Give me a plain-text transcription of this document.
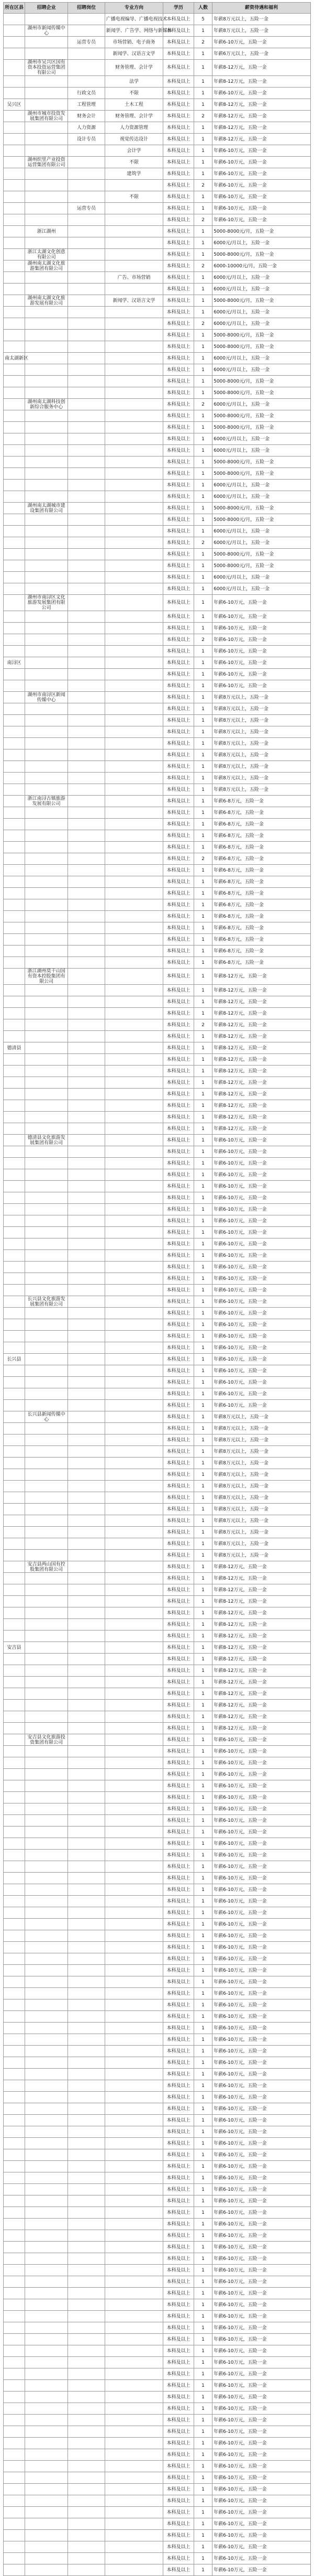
所在区县	招聘企业	招聘岗位	专业方向	学历	人数	薪资待遇和福利
			广播电视编导、广播电视技术	本科及以上	5	年薪8万元以上，五险一金
	湖州市新闻传媒中心		新闻学、广告学、网络与新媒体	本科及以上	1	年薪8万元以上，五险一金
		运营专员	市场营销、电子商务	本科及以上	2	年薪6-10万元，五险一金
			新闻学、汉语言文学	本科及以上	1	年薪6万元以上，五险一金
	湖州市吴兴区国有资本投资运营集团有限公司		财务管理、会计学	本科及以上	1	年薪8-12万元，五险一金
			法学	本科及以上	1	年薪8-12万元，五险一金
		行政文员	不限	本科及以上	1	年薪6-10万元，五险一金
吴兴区		工程管理	土木工程	本科及以上	1	年薪8-12万元，五险一金
	湖州市城市投资发展集团有限公司	财务会计	财务管理、会计学	本科及以上	2	年薪8-12万元，五险一金
		人力资源	人力资源管理	本科及以上	1	年薪8-12万元，五险一金
		设计专员	视觉传达设计	本科及以上	1	年薪8-12万元，五险一金
			会计学	本科及以上	1	年薪6-10万元，五险一金
	湖州织里产业投资运营集团有限公司		不限	本科及以上	1	年薪6-10万元，五险一金
			建筑学	本科及以上	1	年薪6-10万元，五险一金
				本科及以上	2	年薪6-10万元，五险一金
			不限	本科及以上	1	年薪6-10万元，五险一金
		运营专员		本科及以上	1	年薪6-10万元，五险一金
				本科及以上	2	年薪6-10万元，五险一金
	浙江湖州			本科及以上	1	5000-8000元/月，五险一金
				本科及以上	1	6000元/月以上，五险一金
	浙江太湖文化创意有限公司			本科及以上	1	5000-8000元/月，五险一金
	湖州南太湖文化旅游集团有限公司			本科及以上	2	6000-10000元/月，五险一金
			广告、市场营销	本科及以上	1	6000元/月以上，五险一金
				本科及以上	1	6000元/月以上，五险一金
	湖州南太湖文化旅游发展有限公司		新闻学、汉语言文学	本科及以上	1	5000-8000元/月，五险一金
				本科及以上	1	6000元/月以上，五险一金
				本科及以上	2	6000元/月以上，五险一金
				本科及以上	1	5000-8000元/月，五险一金
				本科及以上	1	5000-8000元/月，五险一金
南太湖新区				本科及以上	1	6000元/月以上，五险一金
				本科及以上	1	6000元/月以上，五险一金
				本科及以上	1	5000-8000元/月，五险一金
				本科及以上	1	5000-8000元/月，五险一金
	湖州南太湖科技创新综合服务中心			本科及以上	2	6000元/月以上，五险一金
				本科及以上	1	5000-8000元/月，五险一金
				本科及以上	1	5000-8000元/月，五险一金
				本科及以上	1	6000元/月以上，五险一金
				本科及以上	1	6000元/月以上，五险一金
				本科及以上	1	5000-8000元/月，五险一金
				本科及以上	1	5000-8000元/月，五险一金
				本科及以上	1	6000元/月以上，五险一金
				本科及以上	1	6000元/月以上，五险一金
	湖州南太湖城市建设集团有限公司			本科及以上	1	5000-8000元/月，五险一金
				本科及以上	1	5000-8000元/月，五险一金
				本科及以上	1	6000元/月以上，五险一金
				本科及以上	2	6000元/月以上，五险一金
				本科及以上	1	5000-8000元/月，五险一金
				本科及以上	1	5000-8000元/月，五险一金
				本科及以上	1	6000元/月以上，五险一金
				本科及以上	1	6000元/月以上，五险一金
	湖州市南浔区文化旅游发展集团有限公司			本科及以上	1	年薪6-10万元，五险一金
				本科及以上	1	年薪6-10万元，五险一金
				本科及以上	1	年薪6-10万元，五险一金
				本科及以上	2	年薪6-10万元，五险一金
				本科及以上	1	年薪6-10万元，五险一金
南浔区				本科及以上	1	年薪6-10万元，五险一金
				本科及以上	1	年薪6-10万元，五险一金
				本科及以上	1	年薪6-10万元，五险一金
	湖州市南浔区新闻传媒中心			本科及以上	1	年薪8万元以上，五险一金
				本科及以上	1	年薪8万元以上，五险一金
				本科及以上	1	年薪8万元以上，五险一金
				本科及以上	1	年薪8万元以上，五险一金
				本科及以上	1	年薪8万元以上，五险一金
				本科及以上	1	年薪8万元以上，五险一金
				本科及以上	1	年薪8万元以上，五险一金
				本科及以上	1	年薪8万元以上，五险一金
				本科及以上	1	年薪8万元以上，五险一金
	浙江南浔古镇旅游发展有限公司			本科及以上	1	年薪6-8万元，五险一金
				本科及以上	1	年薪6-8万元，五险一金
				本科及以上	1	年薪6-8万元，五险一金
				本科及以上	1	年薪6-8万元，五险一金
				本科及以上	1	年薪6-8万元，五险一金
				本科及以上	2	年薪6-8万元，五险一金
				本科及以上	1	年薪6-8万元，五险一金
				本科及以上	1	年薪6-8万元，五险一金
				本科及以上	1	年薪6-8万元，五险一金
				本科及以上	1	年薪6-8万元，五险一金
				本科及以上	1	年薪6-8万元，五险一金
				本科及以上	1	年薪6-8万元，五险一金
				本科及以上	1	年薪6-8万元，五险一金
				本科及以上	1	年薪6-8万元，五险一金
				本科及以上	1	年薪6-8万元，五险一金
	浙江湖州莫干山国有资本控股集团有限公司			本科及以上	1	年薪8-12万元，五险一金
				本科及以上	1	年薪8-12万元，五险一金
				本科及以上	1	年薪8-12万元，五险一金
				本科及以上	1	年薪8-12万元，五险一金
				本科及以上	2	年薪8-12万元，五险一金
				本科及以上	1	年薪8-12万元，五险一金
德清县				本科及以上	1	年薪8-12万元，五险一金
				本科及以上	1	年薪8-12万元，五险一金
				本科及以上	1	年薪8-12万元，五险一金
				本科及以上	1	年薪8-12万元，五险一金
				本科及以上	1	年薪8-12万元，五险一金
				本科及以上	1	年薪8-12万元，五险一金
				本科及以上	1	年薪8-12万元，五险一金
				本科及以上	1	年薪8-12万元，五险一金
	德清县文化旅游发展集团有限公司			本科及以上	1	年薪6-10万元，五险一金
				本科及以上	1	年薪6-10万元，五险一金
				本科及以上	1	年薪6-10万元，五险一金
				本科及以上	1	年薪6-10万元，五险一金
				本科及以上	1	年薪6-10万元，五险一金
				本科及以上	1	年薪6-10万元，五险一金
				本科及以上	1	年薪6-10万元，五险一金
				本科及以上	1	年薪6-10万元，五险一金
				本科及以上	1	年薪6-10万元，五险一金
				本科及以上	1	年薪6-10万元，五险一金
				本科及以上	1	年薪6-10万元，五险一金
				本科及以上	1	年薪6-10万元，五险一金
				本科及以上	1	年薪6-10万元，五险一金
				本科及以上	1	年薪6-10万元，五险一金
	长兴县文化旅游发展集团有限公司			本科及以上	1	年薪6-10万元，五险一金
				本科及以上	1	年薪6-10万元，五险一金
				本科及以上	1	年薪6-10万元，五险一金
				本科及以上	1	年薪6-10万元，五险一金
				本科及以上	1	年薪6-10万元，五险一金
长兴县				本科及以上	1	年薪6-10万元，五险一金
				本科及以上	1	年薪6-10万元，五险一金
				本科及以上	1	年薪6-10万元，五险一金
				本科及以上	1	年薪6-10万元，五险一金
				本科及以上	1	年薪6-10万元，五险一金
	长兴县新闻传媒中心			本科及以上	1	年薪8万元以上，五险一金
				本科及以上	1	年薪8万元以上，五险一金
				本科及以上	1	年薪8万元以上，五险一金
				本科及以上	1	年薪8万元以上，五险一金
				本科及以上	1	年薪8万元以上，五险一金
				本科及以上	1	年薪8万元以上，五险一金
				本科及以上	1	年薪8万元以上，五险一金
				本科及以上	1	年薪8万元以上，五险一金
				本科及以上	1	年薪8万元以上，五险一金
				本科及以上	1	年薪8万元以上，五险一金
				本科及以上	1	年薪8万元以上，五险一金
				本科及以上	1	年薪8万元以上，五险一金
				本科及以上	1	年薪8万元以上，五险一金
	安吉县两山国有控股集团有限公司			本科及以上	1	年薪8-12万元，五险一金
				本科及以上	1	年薪8-12万元，五险一金
				本科及以上	1	年薪8-12万元，五险一金
				本科及以上	1	年薪8-12万元，五险一金
				本科及以上	1	年薪8-12万元，五险一金
				本科及以上	1	年薪8-12万元，五险一金
				本科及以上	1	年薪8-12万元，五险一金
安吉县				本科及以上	1	年薪8-12万元，五险一金
				本科及以上	1	年薪8-12万元，五险一金
				本科及以上	1	年薪8-12万元，五险一金
				本科及以上	1	年薪8-12万元，五险一金
				本科及以上	1	年薪8-12万元，五险一金
				本科及以上	1	年薪8-12万元，五险一金
				本科及以上	1	年薪8-12万元，五险一金
				本科及以上	1	年薪8-12万元，五险一金
	安吉县文化旅游投资集团有限公司			本科及以上	1	年薪6-10万元，五险一金
				本科及以上	1	年薪6-10万元，五险一金
				本科及以上	1	年薪6-10万元，五险一金
				本科及以上	1	年薪6-10万元，五险一金
				本科及以上	1	年薪6-10万元，五险一金
				本科及以上	1	年薪6-10万元，五险一金
				本科及以上	1	年薪6-10万元，五险一金
				本科及以上	1	年薪6-10万元，五险一金
				本科及以上	1	年薪6-10万元，五险一金
				本科及以上	1	年薪6-10万元，五险一金
				本科及以上	1	年薪6-10万元，五险一金
				本科及以上	1	年薪6-10万元，五险一金
				本科及以上	1	年薪6-10万元，五险一金
				本科及以上	1	年薪6-10万元，五险一金
				本科及以上	1	年薪6-10万元，五险一金
				本科及以上	1	年薪6-10万元，五险一金
				本科及以上	1	年薪6-10万元，五险一金
				本科及以上	1	年薪6-10万元，五险一金
				本科及以上	1	年薪6-10万元，五险一金
				本科及以上	1	年薪6-10万元，五险一金
				本科及以上	1	年薪6-10万元，五险一金
				本科及以上	1	年薪6-10万元，五险一金
				本科及以上	1	年薪6-10万元，五险一金
				本科及以上	1	年薪6-10万元，五险一金
				本科及以上	1	年薪6-10万元，五险一金
				本科及以上	1	年薪6-10万元，五险一金
				本科及以上	1	年薪6-10万元，五险一金
				本科及以上	1	年薪6-10万元，五险一金
				本科及以上	1	年薪6-10万元，五险一金
				本科及以上	1	年薪6-10万元，五险一金
				本科及以上	1	年薪6-10万元，五险一金
				本科及以上	1	年薪6-10万元，五险一金
				本科及以上	1	年薪6-10万元，五险一金
				本科及以上	1	年薪6-10万元，五险一金
				本科及以上	1	年薪6-10万元，五险一金
				本科及以上	1	年薪6-10万元，五险一金
				本科及以上	1	年薪6-10万元，五险一金
				本科及以上	1	年薪6-10万元，五险一金
				本科及以上	1	年薪6-10万元，五险一金
				本科及以上	1	年薪6-10万元，五险一金
				本科及以上	1	年薪6-10万元，五险一金
				本科及以上	1	年薪6-10万元，五险一金
				本科及以上	1	年薪6-10万元，五险一金
				本科及以上	1	年薪6-10万元，五险一金
				本科及以上	1	年薪6-10万元，五险一金
				本科及以上	1	年薪6-10万元，五险一金
				本科及以上	1	年薪6-10万元，五险一金
				本科及以上	1	年薪6-10万元，五险一金
				本科及以上	1	年薪6-10万元，五险一金
				本科及以上	1	年薪6-10万元，五险一金
				本科及以上	1	年薪6-10万元，五险一金
				本科及以上	1	年薪6-10万元，五险一金
				本科及以上	1	年薪6-10万元，五险一金
				本科及以上	1	年薪6-10万元，五险一金
				本科及以上	1	年薪6-10万元，五险一金
				本科及以上	1	年薪6-10万元，五险一金
				本科及以上	1	年薪6-10万元，五险一金
				本科及以上	1	年薪6-10万元，五险一金
				本科及以上	1	年薪6-10万元，五险一金
				本科及以上	1	年薪6-10万元，五险一金
				本科及以上	1	年薪6-10万元，五险一金
				本科及以上	1	年薪6-10万元，五险一金
				本科及以上	1	年薪6-10万元，五险一金
				本科及以上	1	年薪6-10万元，五险一金
				本科及以上	1	年薪6-10万元，五险一金
				本科及以上	1	年薪6-10万元，五险一金
				本科及以上	1	年薪6-10万元，五险一金
				本科及以上	1	年薪6-10万元，五险一金
				本科及以上	1	年薪6-10万元，五险一金
				本科及以上	1	年薪6-10万元，五险一金
				本科及以上	1	年薪6-10万元，五险一金
				本科及以上	1	年薪6-10万元，五险一金
				本科及以上	1	年薪6-10万元，五险一金
